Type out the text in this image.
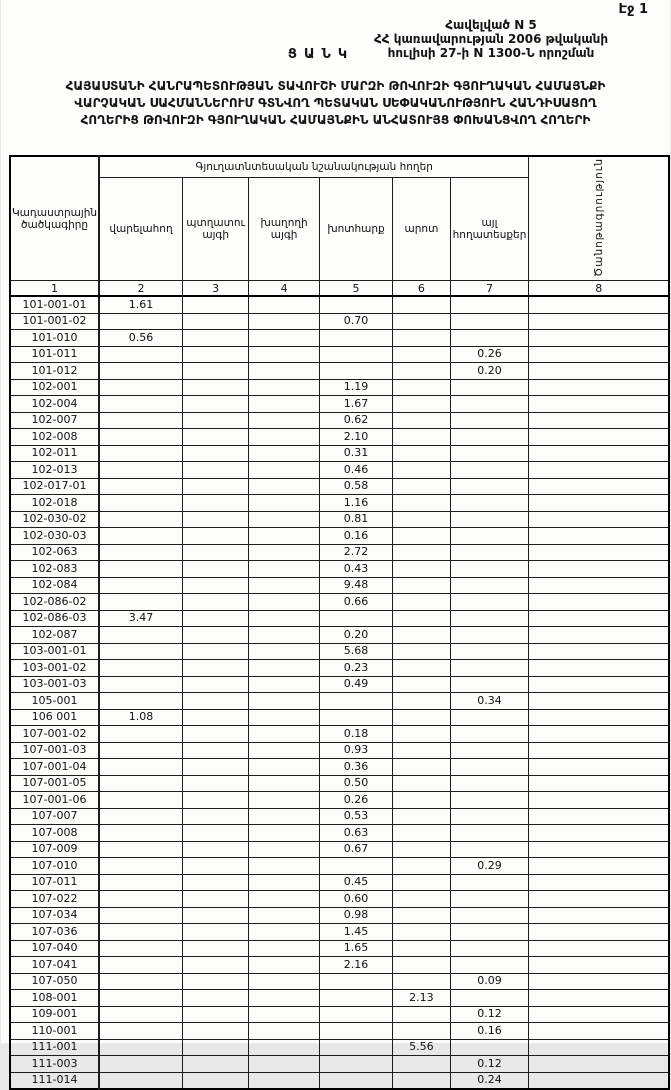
Էջ 1
Հավելված N 5
ՀՀ կառավարության 2006 թվականի
հուլիսի 27-ի N 1300-Ն որոշման
ՑԱՆԿ
ՀԱՅԱՍՏԱՆԻ ՀԱՆՐԱՊԵՏՈՒԹՅԱՆ ՏԱՎՈՒՇԻ ՄԱՐԶԻ ԹՈՎՈՒԶԻ ԳՅՈՒՂԱԿԱՆ ՀԱՄԱՅՆՔԻ
ՎԱՐՉԱԿԱՆ ՍԱՀՄԱՆՆԵՐՈՒՄ ԳՏՆՎՈՂ ՊԵՏԱԿԱՆ ՍԵՓԱԿԱՆՈՒԹՅՈՒՆ ՀԱՆԴԻՍԱՑՈՂ
ՀՈՂԵՐԻՑ ԹՈՎՈՒԶԻ ԳՅՈՒՂԱԿԱՆ ՀԱՄԱՅՆՔԻՆ ԱՆՀԱՏՈՒՅՑ ՓՈԽԱՆՑՎՈՂ ՀՈՂԵՐԻ
Կադաստրային ծածկագիրը	Գյուղատնտեսական նշանակության հողեր						Ծանոթագրություն
	վարելահող	պտղատու այգի	խաղողի այգի	խոտհարք	արոտ	այլ հողատեսքեր	
1	2	3	4	5	6	7	8
101-001-01	1.61						
101-001-02				0.70			
101-010	0.56						
101-011						0.26	
101-012						0.20	
102-001				1.19			
102-004				1.67			
102-007				0.62			
102-008				2.10			
102-011				0.31			
102-013				0.46			
102-017-01				0.58			
102-018				1.16			
102-030-02				0.81			
102-030-03				0.16			
102-063				2.72			
102-083				0.43			
102-084				9.48			
102-086-02				0.66			
102-086-03	3.47						
102-087				0.20			
103-001-01				5.68			
103-001-02				0.23			
103-001-03				0.49			
105-001						0.34	
106 001	1.08						
107-001-02				0.18			
107-001-03				0.93			
107-001-04				0.36			
107-001-05				0.50			
107-001-06				0.26			
107-007				0.53			
107-008				0.63			
107-009				0.67			
107-010						0.29	
107-011				0.45			
107-022				0.60			
107-034				0.98			
107-036				1.45			
107-040				1.65			
107-041				2.16			
107-050						0.09	
108-001					2.13		
109-001						0.12	
110-001						0.16	
111-001					5.56		
111-003						0.12	
111-014						0.24	
